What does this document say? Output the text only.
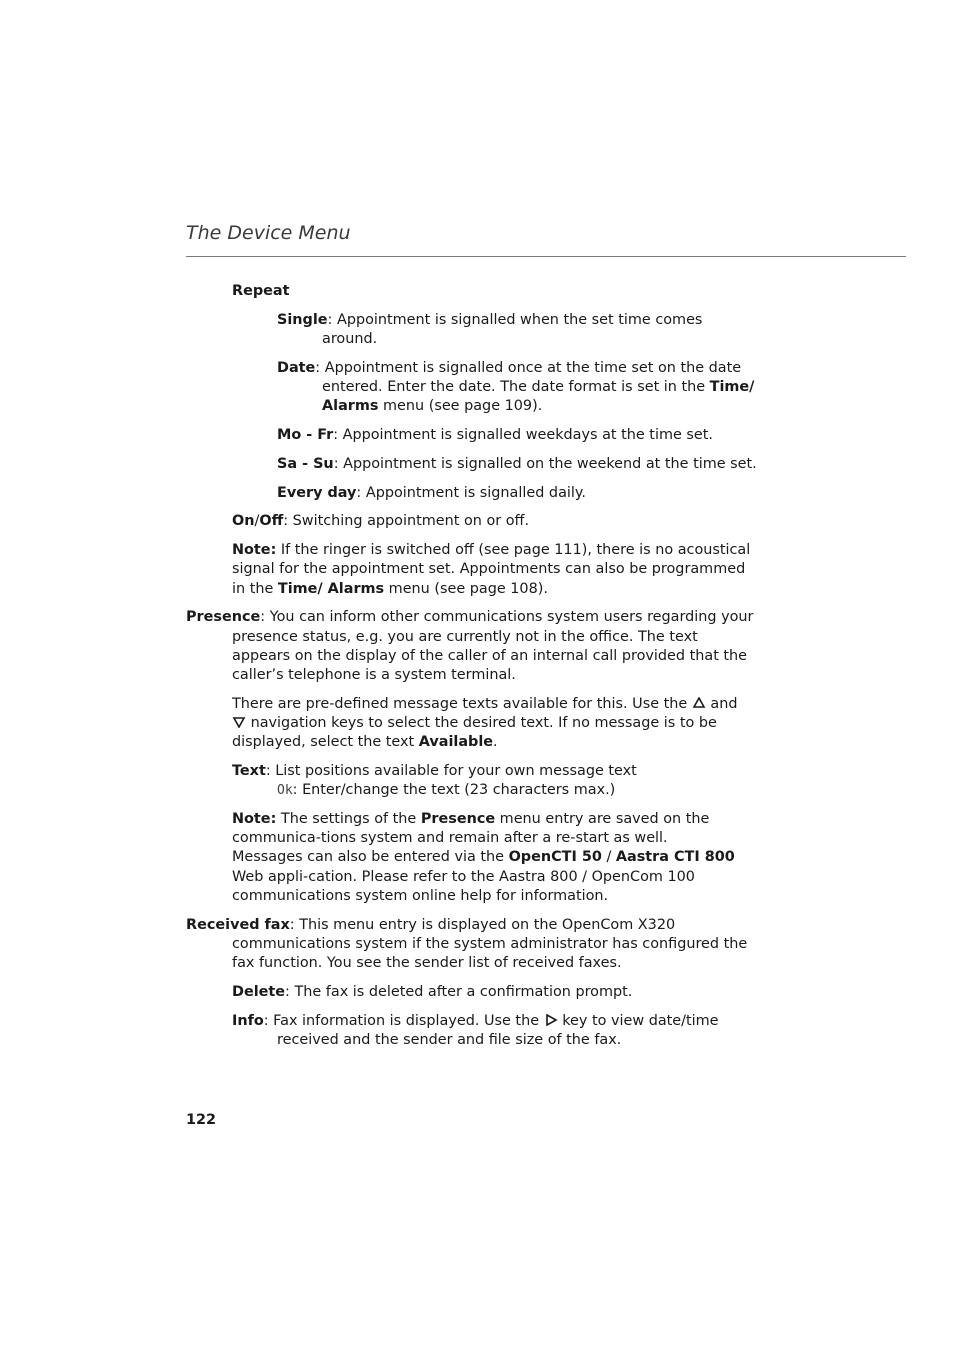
The Device Menu
Repeat
Single: Appointment is signalled when the set time comes around.
Date: Appointment is signalled once at the time set on the date entered. Enter the date. The date format is set in the Time/ Alarms menu (see page 109).
Mo - Fr: Appointment is signalled weekdays at the time set.
Sa - Su: Appointment is signalled on the weekend at the time set.
Every day: Appointment is signalled daily.
On/Off: Switching appointment on or off.
Note: If the ringer is switched off (see page 111), there is no acoustical signal for the appointment set. Appointments can also be programmed in the Time/ Alarms menu (see page 108).
Presence: You can inform other communications system users regarding your presence status, e.g. you are currently not in the office. The text appears on the display of the caller of an internal call provided that the caller’s telephone is a system terminal.
There are pre-defined message texts available for this. Use the
and

navigation keys to select the desired text. If no message is to be displayed, select the text Available.
Text: List positions available for your own message text
Ok: Enter/change the text (23 characters max.)
Note: The settings of the Presence menu entry are saved on the communica-tions system and remain after a re-start as well.
Messages can also be entered via the OpenCTI 50 / Aastra CTI 800 Web appli-cation. Please refer to the Aastra 800 / OpenCom 100 communications system online help for information.
Received fax: This menu entry is displayed on the OpenCom X320 communications system if the system administrator has configured the fax function. You see the sender list of received faxes.
Delete: The fax is deleted after a confirmation prompt.
Info: Fax information is displayed. Use the
key to view date/time received and the sender and file size of the fax.
122
